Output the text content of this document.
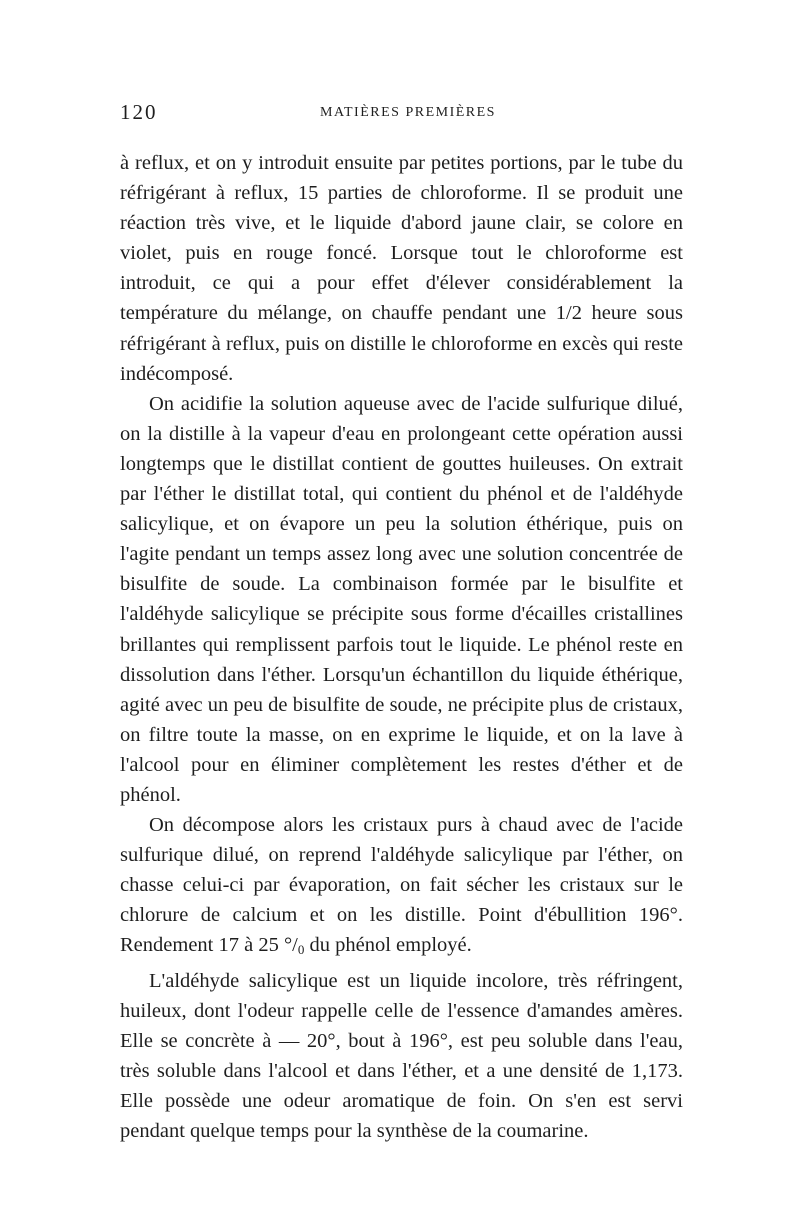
120	MATIÈRES PREMIÈRES

à reflux, et on y introduit ensuite par petites portions, par le tube du réfrigérant à reflux, 15 parties de chloroforme. Il se produit une réaction très vive, et le liquide d'abord jaune clair, se colore en violet, puis en rouge foncé. Lorsque tout le chloroforme est introduit, ce qui a pour effet d'élever considérablement la température du mélange, on chauffe pendant une 1/2 heure sous réfrigérant à reflux, puis on distille le chloroforme en excès qui reste indécomposé.

On acidifie la solution aqueuse avec de l'acide sulfurique dilué, on la distille à la vapeur d'eau en prolongeant cette opération aussi longtemps que le distillat contient de gouttes huileuses. On extrait par l'éther le distillat total, qui contient du phénol et de l'aldéhyde salicylique, et on évapore un peu la solution éthérique, puis on l'agite pendant un temps assez long avec une solution concentrée de bisulfite de soude. La combinaison formée par le bisulfite et l'aldéhyde salicylique se précipite sous forme d'écailles cristallines brillantes qui remplissent parfois tout le liquide. Le phénol reste en dissolution dans l'éther. Lorsqu'un échantillon du liquide éthérique, agité avec un peu de bisulfite de soude, ne précipite plus de cristaux, on filtre toute la masse, on en exprime le liquide, et on la lave à l'alcool pour en éliminer complètement les restes d'éther et de phénol.

On décompose alors les cristaux purs à chaud avec de l'acide sulfurique dilué, on reprend l'aldéhyde salicylique par l'éther, on chasse celui-ci par évaporation, on fait sécher les cristaux sur le chlorure de calcium et on les distille. Point d'ébullition 196°. Rendement 17 à 25 $^\circ/_0$ du phénol employé.

L'aldéhyde salicylique est un liquide incolore, très réfringent, huileux, dont l'odeur rappelle celle de l'essence d'amandes amères. Elle se concrète à — 20°, bout à 196°, est peu soluble dans l'eau, très soluble dans l'alcool et dans l'éther, et a une densité de 1,173. Elle possède une odeur aromatique de foin. On s'en est servi pendant quelque temps pour la synthèse de la coumarine.
